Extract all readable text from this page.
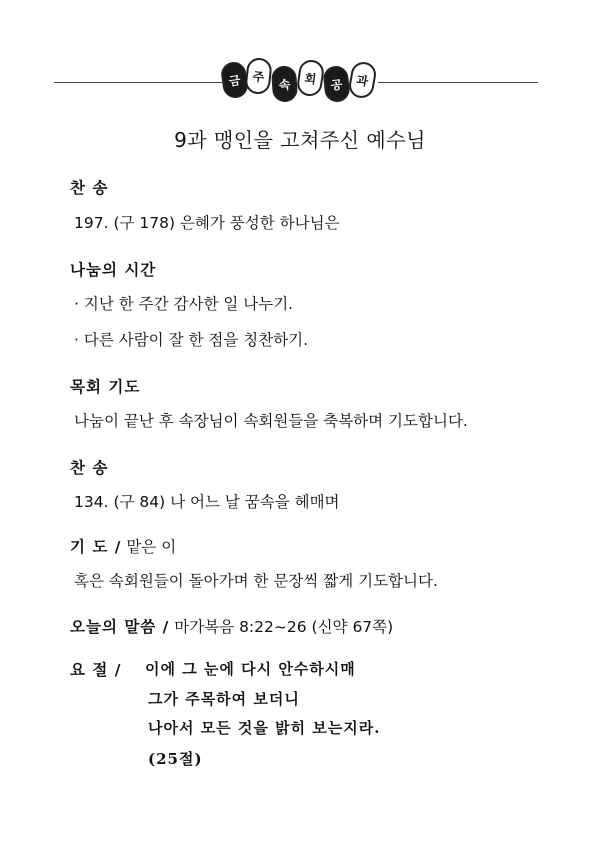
금 주
속	회	공	과
9과 맹인을 고쳐주신 예수님
찬 송
197. (구 178) 은혜가 풍성한 하나님은
나눔의 시간
· 지난 한 주간 감사한 일 나누기.
· 다른 사람이 잘 한 점을 칭찬하기.
목회 기도
나눔이 끝난 후 속장님이 속회원들을 축복하며 기도합니다.
찬 송
134. (구 84) 나 어느 날 꿈속을 헤매며
기 도 / 맡은 이
혹은 속회원들이 돌아가며 한 문장씩 짧게 기도합니다.
오늘의 말씀 / 마가복음 8:22~26 (신약 67쪽)
요 절 / 이에 그 눈에 다시 안수하시매
그가 주목하여 보더니
나아서 모든 것을 밝히 보는지라.
(25절)
